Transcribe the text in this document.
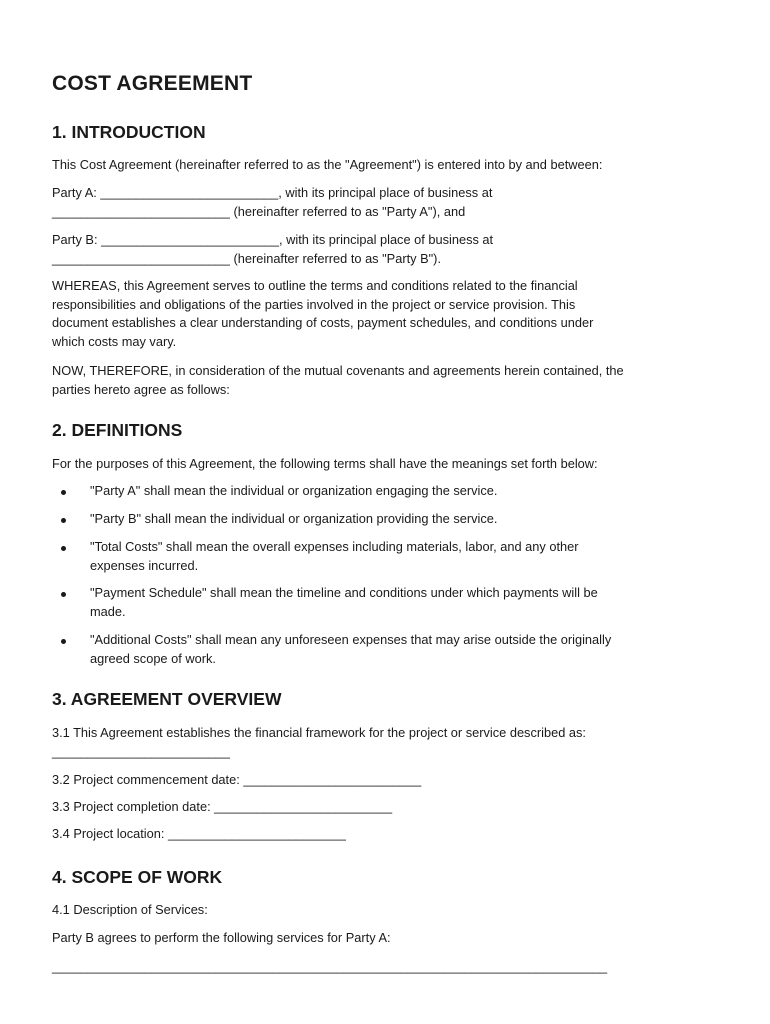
COST AGREEMENT
1. INTRODUCTION
This Cost Agreement (hereinafter referred to as the "Agreement") is entered into by and between:
Party A: _________________________, with its principal place of business at
_________________________ (hereinafter referred to as "Party A"), and
Party B: _________________________, with its principal place of business at
_________________________ (hereinafter referred to as "Party B").
WHEREAS, this Agreement serves to outline the terms and conditions related to the financial
responsibilities and obligations of the parties involved in the project or service provision. This
document establishes a clear understanding of costs, payment schedules, and conditions under
which costs may vary.
NOW, THEREFORE, in consideration of the mutual covenants and agreements herein contained, the
parties hereto agree as follows:
2. DEFINITIONS
For the purposes of this Agreement, the following terms shall have the meanings set forth below:
"Party A" shall mean the individual or organization engaging the service.
"Party B" shall mean the individual or organization providing the service.
"Total Costs" shall mean the overall expenses including materials, labor, and any other
expenses incurred.
"Payment Schedule" shall mean the timeline and conditions under which payments will be
made.
"Additional Costs" shall mean any unforeseen expenses that may arise outside the originally
agreed scope of work.
3. AGREEMENT OVERVIEW
3.1 This Agreement establishes the financial framework for the project or service described as:
_________________________
3.2 Project commencement date: _________________________
3.3 Project completion date: _________________________
3.4 Project location: _________________________
4. SCOPE OF WORK
4.1 Description of Services:
Party B agrees to perform the following services for Party A:
______________________________________________________________________________
